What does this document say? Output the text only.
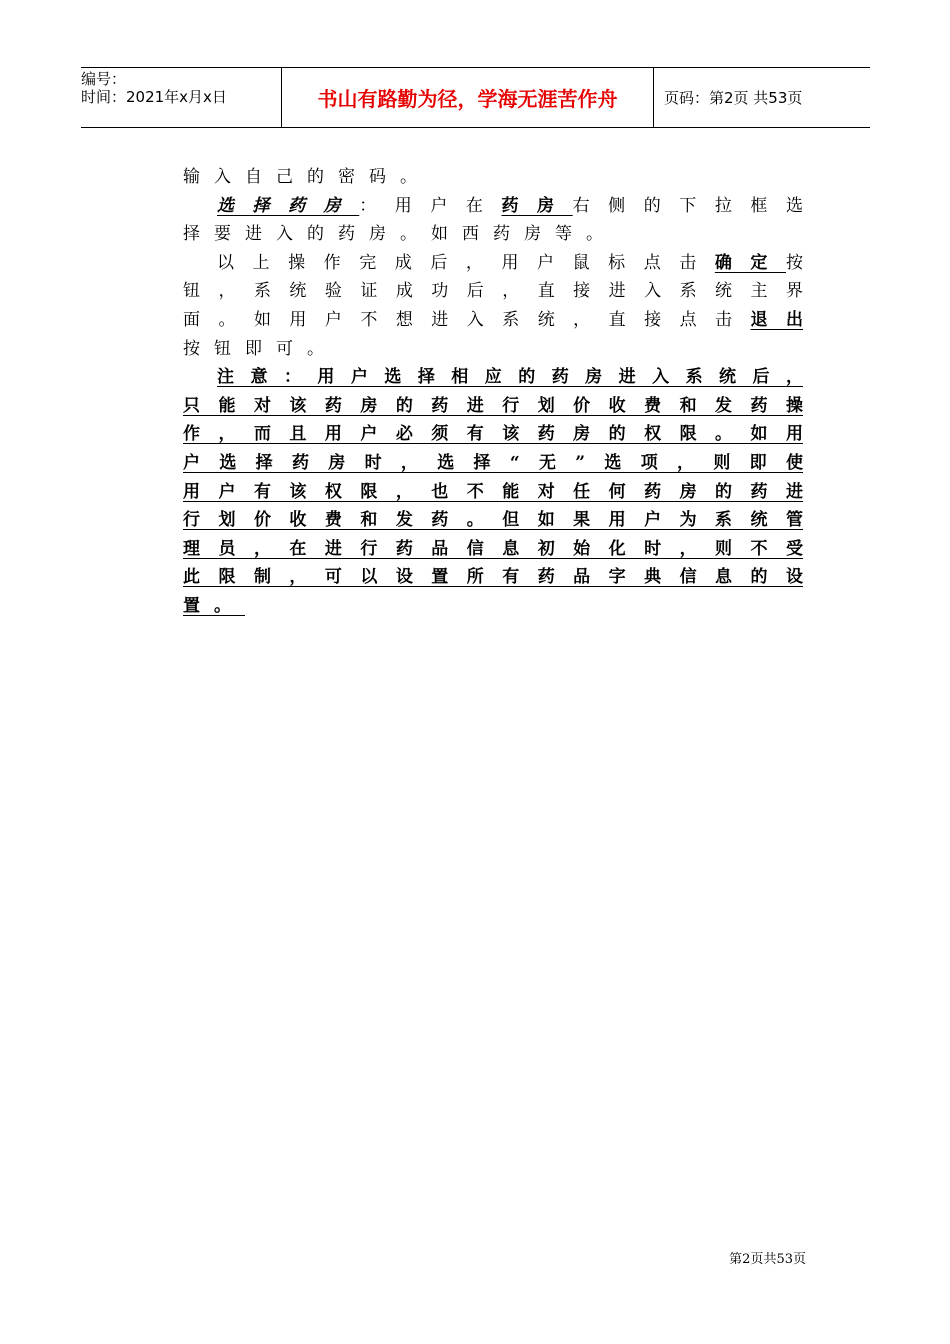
编号：
时间：2021年x月x日	书山有路勤为径，学海无涯苦作舟	页码：第2页 共53页
输入自己的密码。
选择药房：用户在药房右侧的下拉框选
择要进入的药房。如西药房等。
以上操作完成后，用户鼠标点击确定按
钮，系统验证成功后，直接进入系统主界
面。如用户不想进入系统，直接点击退出
按钮即可。
注意：用户选择相应的药房进入系统后，
只能对该药房的药进行划价收费和发药操
作，而且用户必须有该药房的权限。如用
户选择药房时，选择“无”选项，则即使
用户有该权限，也不能对任何药房的药进
行划价收费和发药。但如果用户为系统管
理员，在进行药品信息初始化时，则不受
此限制，可以设置所有药品字典信息的设
置。
第2页共53页
